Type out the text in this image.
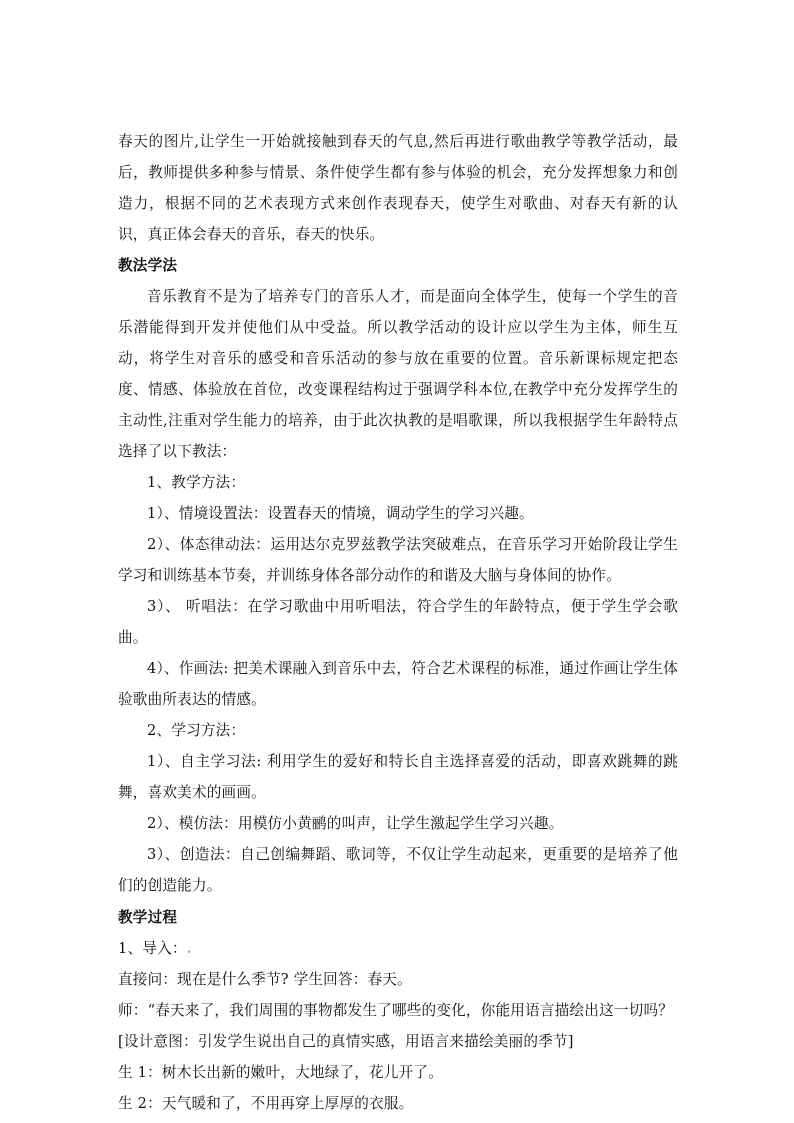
春天的图片,让学生一开始就接触到春天的气息,然后再进行歌曲教学等教学活动，最后，教师提供多种参与情景、条件使学生都有参与体验的机会，充分发挥想象力和创造力，根据不同的艺术表现方式来创作表现春天，使学生对歌曲、对春天有新的认识，真正体会春天的音乐，春天的快乐。

教法学法

音乐教育不是为了培养专门的音乐人才，而是面向全体学生，使每一个学生的音乐潜能得到开发并使他们从中受益。所以教学活动的设计应以学生为主体，师生互动，将学生对音乐的感受和音乐活动的参与放在重要的位置。音乐新课标规定把态度、情感、体验放在首位，改变课程结构过于强调学科本位,在教学中充分发挥学生的主动性,注重对学生能力的培养，由于此次执教的是唱歌课，所以我根据学生年龄特点选择了以下教法：

1、教学方法：

1）、情境设置法：设置春天的情境，调动学生的学习兴趣。

2）、体态律动法：运用达尔克罗兹教学法突破难点，在音乐学习开始阶段让学生学习和训练基本节奏，并训练身体各部分动作的和谐及大脑与身体间的协作。

3）、 听唱法：在学习歌曲中用听唱法，符合学生的年龄特点，便于学生学会歌曲。

4）、作画法: 把美术课融入到音乐中去，符合艺术课程的标准，通过作画让学生体验歌曲所表达的情感。

2、学习方法：

1）、自主学习法: 利用学生的爱好和特长自主选择喜爱的活动，即喜欢跳舞的跳舞，喜欢美术的画画。

2）、模仿法：用模仿小黄鹂的叫声，让学生激起学生学习兴趣。

3）、创造法：自己创编舞蹈、歌词等，不仅让学生动起来，更重要的是培养了他们的创造能力。

教学过程

1、导入：.

直接问：现在是什么季节? 学生回答：春天。

师：“春天来了，我们周围的事物都发生了哪些的变化，你能用语言描绘出这一切吗？

[设计意图：引发学生说出自己的真情实感，用语言来描绘美丽的季节]

生 1：树木长出新的嫩叶，大地绿了，花儿开了。

生 2：天气暖和了，不用再穿上厚厚的衣服。
